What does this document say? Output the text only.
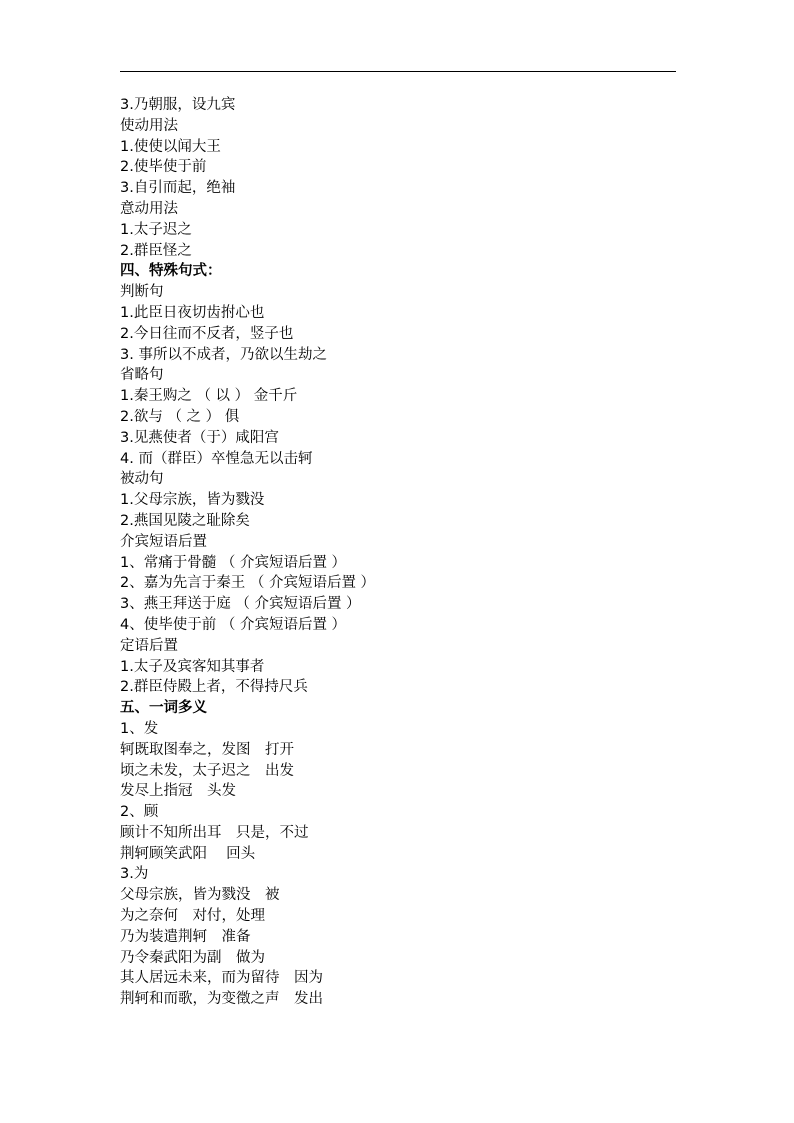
3.乃朝服，设九宾
使动用法
1.使使以闻大王
2.使毕使于前
3.自引而起，绝袖
意动用法
1.太子迟之
2.群臣怪之
四、特殊句式：
判断句
1.此臣日夜切齿拊心也
2.今日往而不反者，竖子也
3. 事所以不成者，乃欲以生劫之
省略句
1.秦王购之 （ 以 ） 金千斤
2.欲与 （ 之 ） 俱
3.见燕使者（于）咸阳宫
4. 而（群臣）卒惶急无以击轲
被动句
1.父母宗族，皆为戮没
2.燕国见陵之耻除矣
介宾短语后置
1、常痛于骨髓 （ 介宾短语后置 ）
2、嘉为先言于秦王 （ 介宾短语后置 ）
3、燕王拜送于庭 （ 介宾短语后置 ）
4、使毕使于前 （ 介宾短语后置 ）
定语后置
1.太子及宾客知其事者
2.群臣侍殿上者，不得持尺兵
五、一词多义
1、发
轲既取图奉之，发图　打开
顷之未发，太子迟之　出发
发尽上指冠　头发
2、顾
顾计不知所出耳　只是，不过
荆轲顾笑武阳　 回头
3.为
父母宗族，皆为戮没　被
为之奈何　对付，处理
乃为装遣荆轲　准备
乃令秦武阳为副　做为
其人居远未来，而为留待　因为
荆轲和而歌，为变徵之声　发出
